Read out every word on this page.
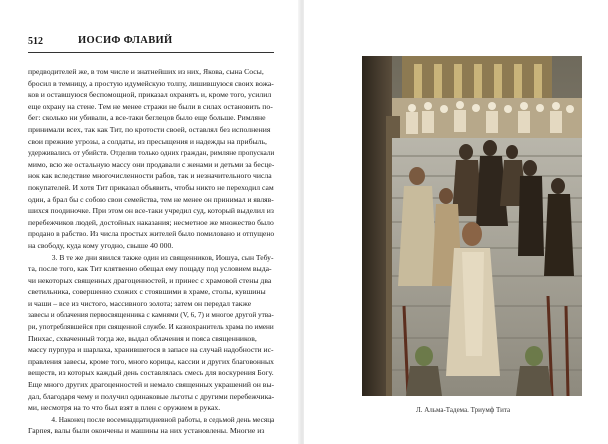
512	ИОСИФ ФЛАВИЙ
предводителей же, в том числе и знатнейших из них, Якова, сына Сосы,
бросил в темницу, а простую идумейскую толпу, лишившуюся своих вожа-
ков и оставшуюся беспомощной, приказал охранять и, кроме того, усилил
еще охрану на стене. Тем не менее стражи не были в силах остановить по-
бег: сколько ни убивали, а все-таки беглецов было еще больше. Римляне
принимали всех, так как Тит, по кротости своей, оставлял без исполнения
свои прежние угрозы, а солдаты, из пресыщения и надежды на прибыль,
удерживались от убийств. Отделив только одних граждан, римляне пропускали
мимо, всю же остальную массу они продавали с женами и детьми за бесце-
нок как вследствие многочисленности рабов, так и незначительного числа
покупателей. И хотя Тит приказал объявить, чтобы никто не переходил сам
один, а брал бы с собою свои семейства, тем не менее он принимал и являв-
шихся поодиночке. При этом он все-таки учредил суд, который выделил из
перебежчиков людей, достойных наказания; несметное же множество было
продано в рабство. Из числа простых жителей было помиловано и отпущено
на свободу, куда кому угодно, свыше 40 000.
3. В те же дни явился также один из священников, Иошуа, сын Тебу-
та, после того, как Тит клятвенно обещал ему пощаду под условием выда-
чи некоторых священных драгоценностей, и принес с храмовой стены два
светильника, совершенно схожих с стоявшими в храме, столы, кувшины
и чаши – все из чистого, массивного золота; затем он передал также
завесы и облачения первосвященника с камнями (V, 6, 7) и многое другой утва-
ри, употреблявшейся при священной службе. И казнохранитель храма по имени
Пинхас, схваченный тогда же, выдал облачения и пояса священников,
массу пурпура и шарлаха, хранившегося в запасе на случай надобности ис-
правления завесы, кроме того, много корицы, кассии и других благовонных
веществ, из которых каждый день составлялась смесь для воскурения Богу.
Еще много других драгоценностей и немало священных украшений он вы-
дал, благодаря чему и получил одинаковые льготы с другими перебежчика-
ми, несмотря на то что был взят в плен с оружием в руках.
4. Наконец после восемнадцатидневной работы, в седьмой день месяца
Гарпея, валы были окончены и машины на них установлены. Многие из
Л. Альма-Тадема. Триумф Тита
